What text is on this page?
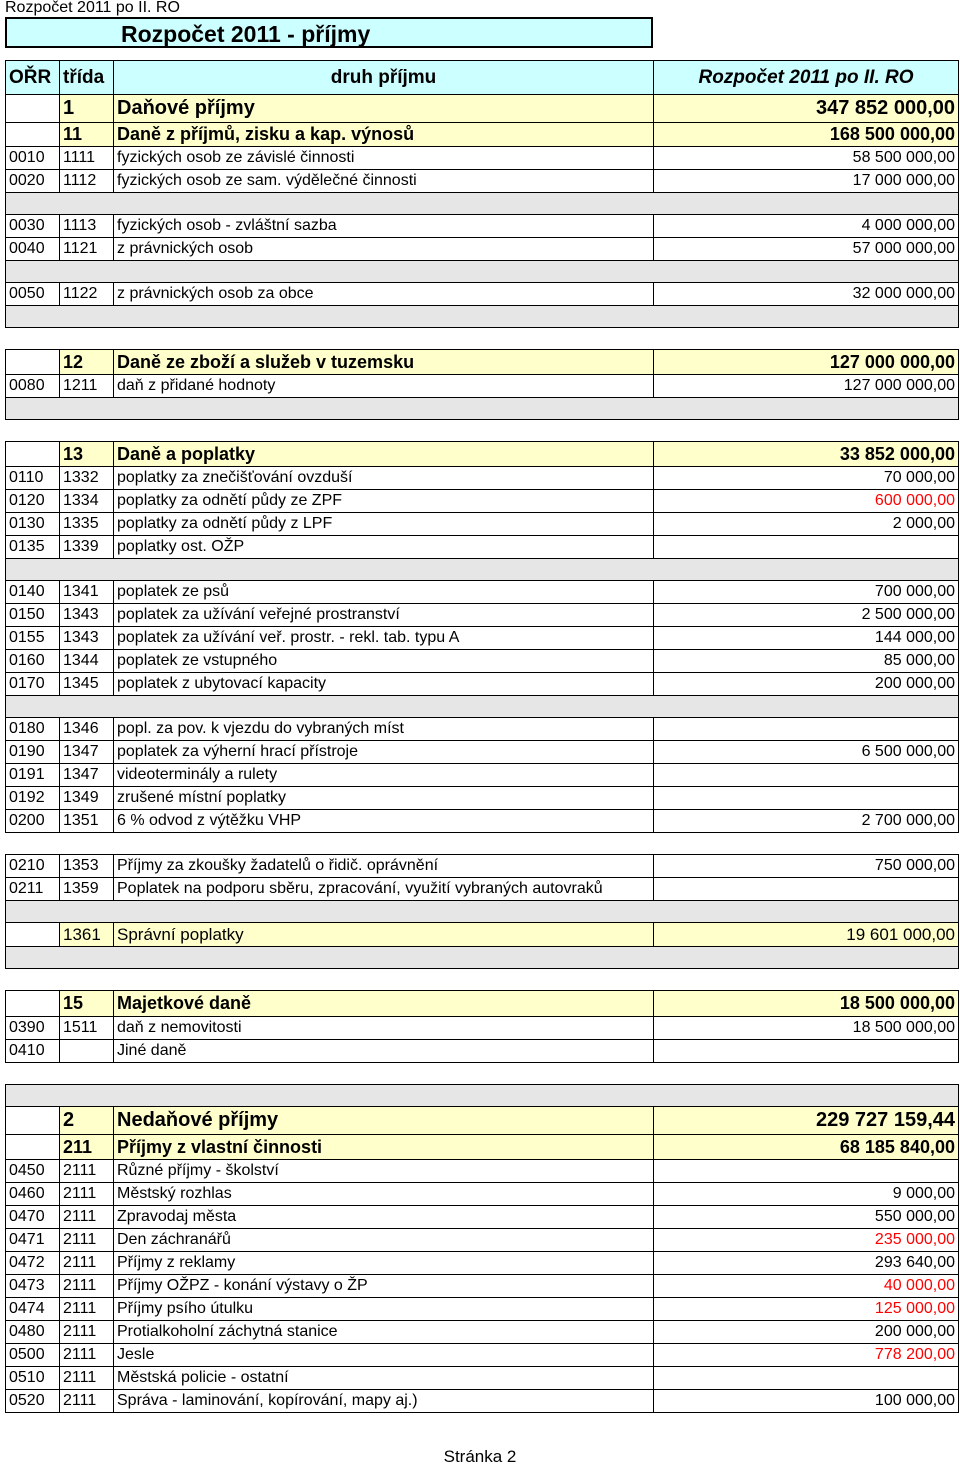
Rozpočet 2011 po II. RO
Rozpočet 2011 - příjmy
OŘR	třída	druh příjmu	Rozpočet 2011 po II. RO
	1	Daňové příjmy	347 852 000,00
	11	Daně z příjmů, zisku a kap. výnosů	168 500 000,00
0010	1111	fyzických osob ze závislé činnosti	58 500 000,00
0020	1112	fyzických osob ze sam. výdělečné činnosti	17 000 000,00

0030	1113	fyzických osob - zvláštní sazba	4 000 000,00
0040	1121	z právnických osob	57 000 000,00

0050	1122	z právnických osob za obce	32 000 000,00

	12	Daně ze zboží a služeb v tuzemsku	127 000 000,00
0080	1211	daň z přidané hodnoty	127 000 000,00

	13	Daně a poplatky	33 852 000,00
0110	1332	poplatky za znečišťování ovzduší	70 000,00
0120	1334	poplatky za odnětí půdy ze ZPF	600 000,00
0130	1335	poplatky za odnětí půdy z LPF	2 000,00
0135	1339	poplatky ost. OŽP	

0140	1341	poplatek ze psů	700 000,00
0150	1343	poplatek za užívání veřejné prostranství	2 500 000,00
0155	1343	poplatek za užívání veř. prostr. - rekl. tab. typu A	144 000,00
0160	1344	poplatek ze vstupného	85 000,00
0170	1345	poplatek z ubytovací kapacity	200 000,00

0180	1346	popl. za pov. k vjezdu do vybraných míst	
0190	1347	poplatek za výherní hrací přístroje	6 500 000,00
0191	1347	videoterminály a rulety	
0192	1349	zrušené místní poplatky	
0200	1351	6 % odvod z výtěžku VHP	2 700 000,00

0210	1353	Příjmy za zkoušky žadatelů o řidič. oprávnění	750 000,00
0211	1359	Poplatek na podporu sběru, zpracování, využití vybraných autovraků	

	1361	Správní poplatky	19 601 000,00

	15	Majetkové daně	18 500 000,00
0390	1511	daň z nemovitosti	18 500 000,00
0410		Jiné daně	

	2	Nedaňové příjmy	229 727 159,44
	211	Příjmy z vlastní činnosti	68 185 840,00
0450	2111	Různé příjmy - školství	
0460	2111	Městský rozhlas	9 000,00
0470	2111	Zpravodaj města	550 000,00
0471	2111	Den záchranářů	235 000,00
0472	2111	Příjmy z reklamy	293 640,00
0473	2111	Příjmy OŽPZ - konání výstavy o ŽP	40 000,00
0474	2111	Příjmy psího útulku	125 000,00
0480	2111	Protialkoholní záchytná stanice	200 000,00
0500	2111	Jesle	778 200,00
0510	2111	Městská policie - ostatní	
0520	2111	Správa - laminování, kopírování, mapy aj.)	100 000,00
Stránka 2
